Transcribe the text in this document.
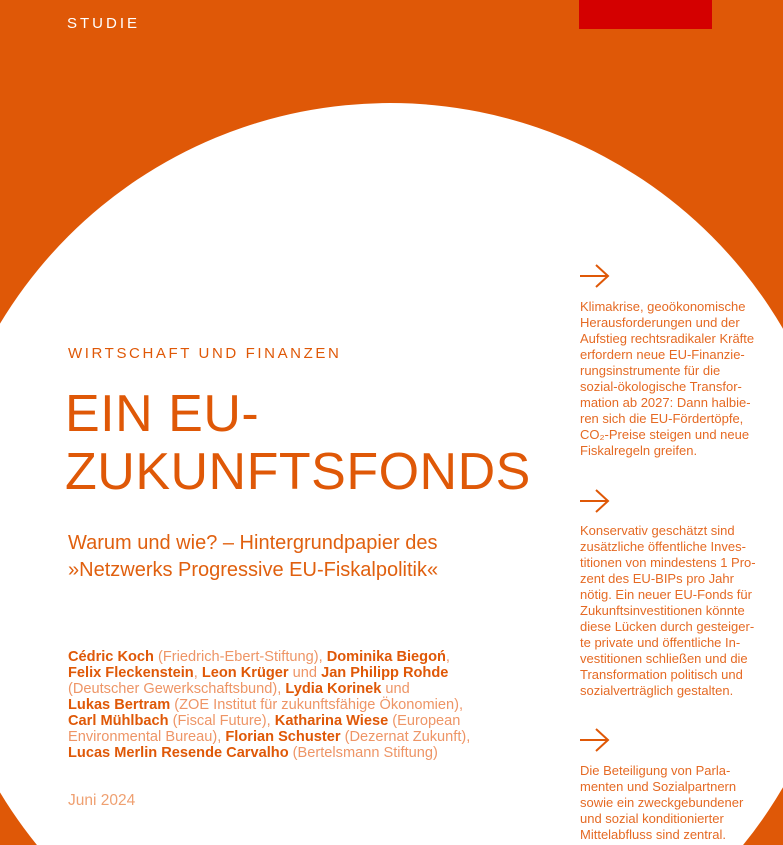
STUDIE
WIRTSCHAFT UND FINANZEN
EIN EU-
ZUKUNFTSFONDS
Warum und wie? – Hintergrundpapier des
»Netzwerks Progressive EU-Fiskalpolitik«
Cédric Koch (Friedrich-Ebert-Stiftung), Dominika Biegoń,
Felix Fleckenstein, Leon Krüger und Jan Philipp Rohde
(Deutscher Gewerkschaftsbund), Lydia Korinek und
Lukas Bertram (ZOE Institut für zukunftsfähige Ökonomien),
Carl Mühlbach (Fiscal Future), Katharina Wiese (European
Environmental Bureau), Florian Schuster (Dezernat Zukunft),
Lucas Merlin Resende Carvalho (Bertelsmann Stiftung)
Juni 2024
Klimakrise, geoökonomische
Herausforderungen und der
Aufstieg rechtsradikaler Kräfte
erfordern neue EU-Finanzie-
rungsinstrumente für die
sozial-ökologische Transfor-
mation ab 2027: Dann halbie-
ren sich die EU-Fördertöpfe,
CO₂-Preise steigen und neue
Fiskalregeln greifen.
Konservativ geschätzt sind
zusätzliche öffentliche Inves-
titionen von mindestens 1 Pro-
zent des EU-BIPs pro Jahr
nötig. Ein neuer EU-Fonds für
Zukunftsinvestitionen könnte
diese Lücken durch gesteiger-
te private und öffentliche In-
vestitionen schließen und die
Transformation politisch und
sozialverträglich gestalten.
Die Beteiligung von Parla-
menten und Sozialpartnern
sowie ein zweckgebundener
und sozial konditionierter
Mittelabfluss sind zentral.
